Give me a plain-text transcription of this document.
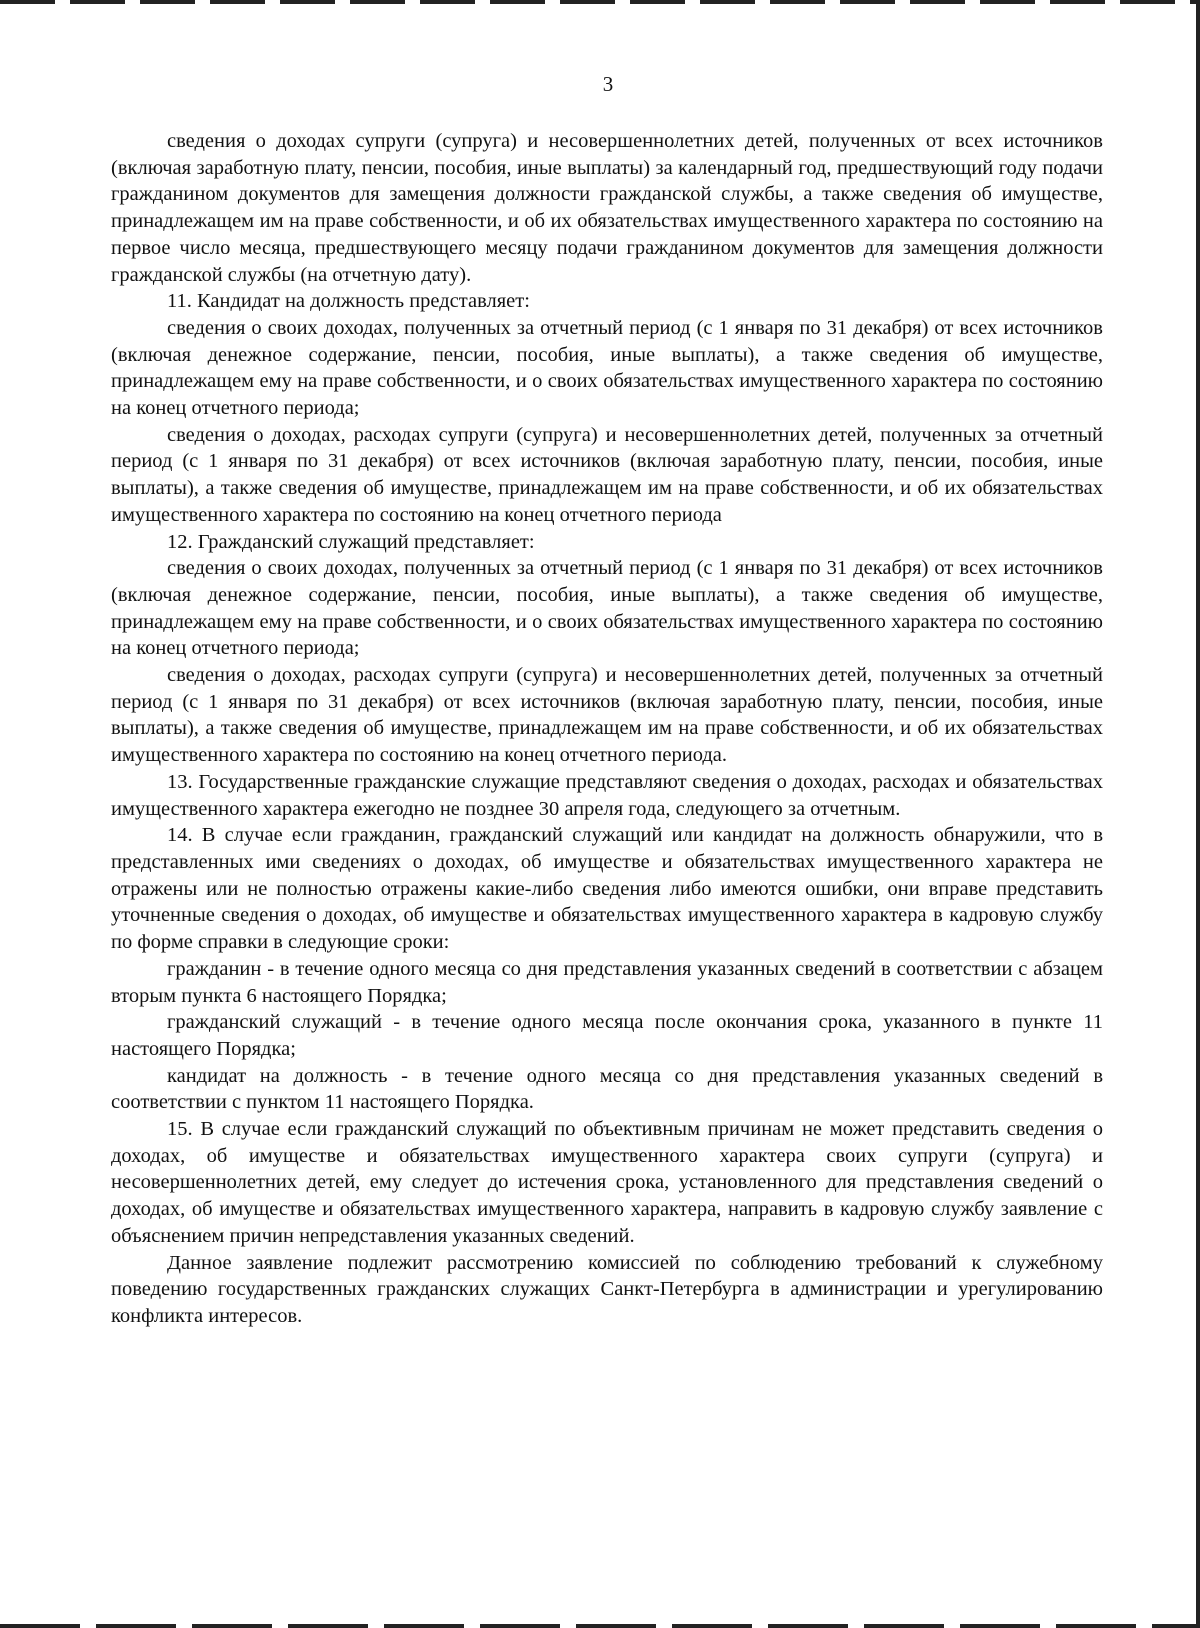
3

сведения о доходах супруги (супруга) и несовершеннолетних детей, полученных от всех источников (включая заработную плату, пенсии, пособия, иные выплаты) за календарный год, предшествующий году подачи гражданином документов для замещения должности гражданской службы, а также сведения об имуществе, принадлежащем им на праве собственности, и об их обязательствах имущественного характера по состоянию на первое число месяца, предшествующего месяцу подачи гражданином документов для замещения должности гражданской службы (на отчетную дату).

11. Кандидат на должность представляет:

сведения о своих доходах, полученных за отчетный период (с 1 января по 31 декабря) от всех источников (включая денежное содержание, пенсии, пособия, иные выплаты), а также сведения об имуществе, принадлежащем ему на праве собственности, и о своих обязательствах имущественного характера по состоянию на конец отчетного периода;

сведения о доходах, расходах супруги (супруга) и несовершеннолетних детей, полученных за отчетный период (с 1 января по 31 декабря) от всех источников (включая заработную плату, пенсии, пособия, иные выплаты), а также сведения об имуществе, принадлежащем им на праве собственности, и об их обязательствах имущественного характера по состоянию на конец отчетного периода

12. Гражданский служащий представляет:

сведения о своих доходах, полученных за отчетный период (с 1 января по 31 декабря) от всех источников (включая денежное содержание, пенсии, пособия, иные выплаты), а также сведения об имуществе, принадлежащем ему на праве собственности, и о своих обязательствах имущественного характера по состоянию на конец отчетного периода;

сведения о доходах, расходах супруги (супруга) и несовершеннолетних детей, полученных за отчетный период (с 1 января по 31 декабря) от всех источников (включая заработную плату, пенсии, пособия, иные выплаты), а также сведения об имуществе, принадлежащем им на праве собственности, и об их обязательствах имущественного характера по состоянию на конец отчетного периода.

13. Государственные гражданские служащие представляют сведения о доходах, расходах и обязательствах имущественного характера ежегодно не позднее 30 апреля года, следующего за отчетным.

14. В случае если гражданин, гражданский служащий или кандидат на должность обнаружили, что в представленных ими сведениях о доходах, об имуществе и обязательствах имущественного характера не отражены или не полностью отражены какие-либо сведения либо имеются ошибки, они вправе представить уточненные сведения о доходах, об имуществе и обязательствах имущественного характера в кадровую службу по форме справки в следующие сроки:

гражданин - в течение одного месяца со дня представления указанных сведений в соответствии с абзацем вторым пункта 6 настоящего Порядка;

гражданский служащий - в течение одного месяца после окончания срока, указанного в пункте 11 настоящего Порядка;

кандидат на должность - в течение одного месяца со дня представления указанных сведений в соответствии с пунктом 11 настоящего Порядка.

15. В случае если гражданский служащий по объективным причинам не может представить сведения о доходах, об имуществе и обязательствах имущественного характера своих супруги (супруга) и несовершеннолетних детей, ему следует до истечения срока, установленного для представления сведений о доходах, об имуществе и обязательствах имущественного характера, направить в кадровую службу заявление с объяснением причин непредставления указанных сведений.

Данное заявление подлежит рассмотрению комиссией по соблюдению требований к служебному поведению государственных гражданских служащих Санкт-Петербурга в администрации и урегулированию конфликта интересов.
